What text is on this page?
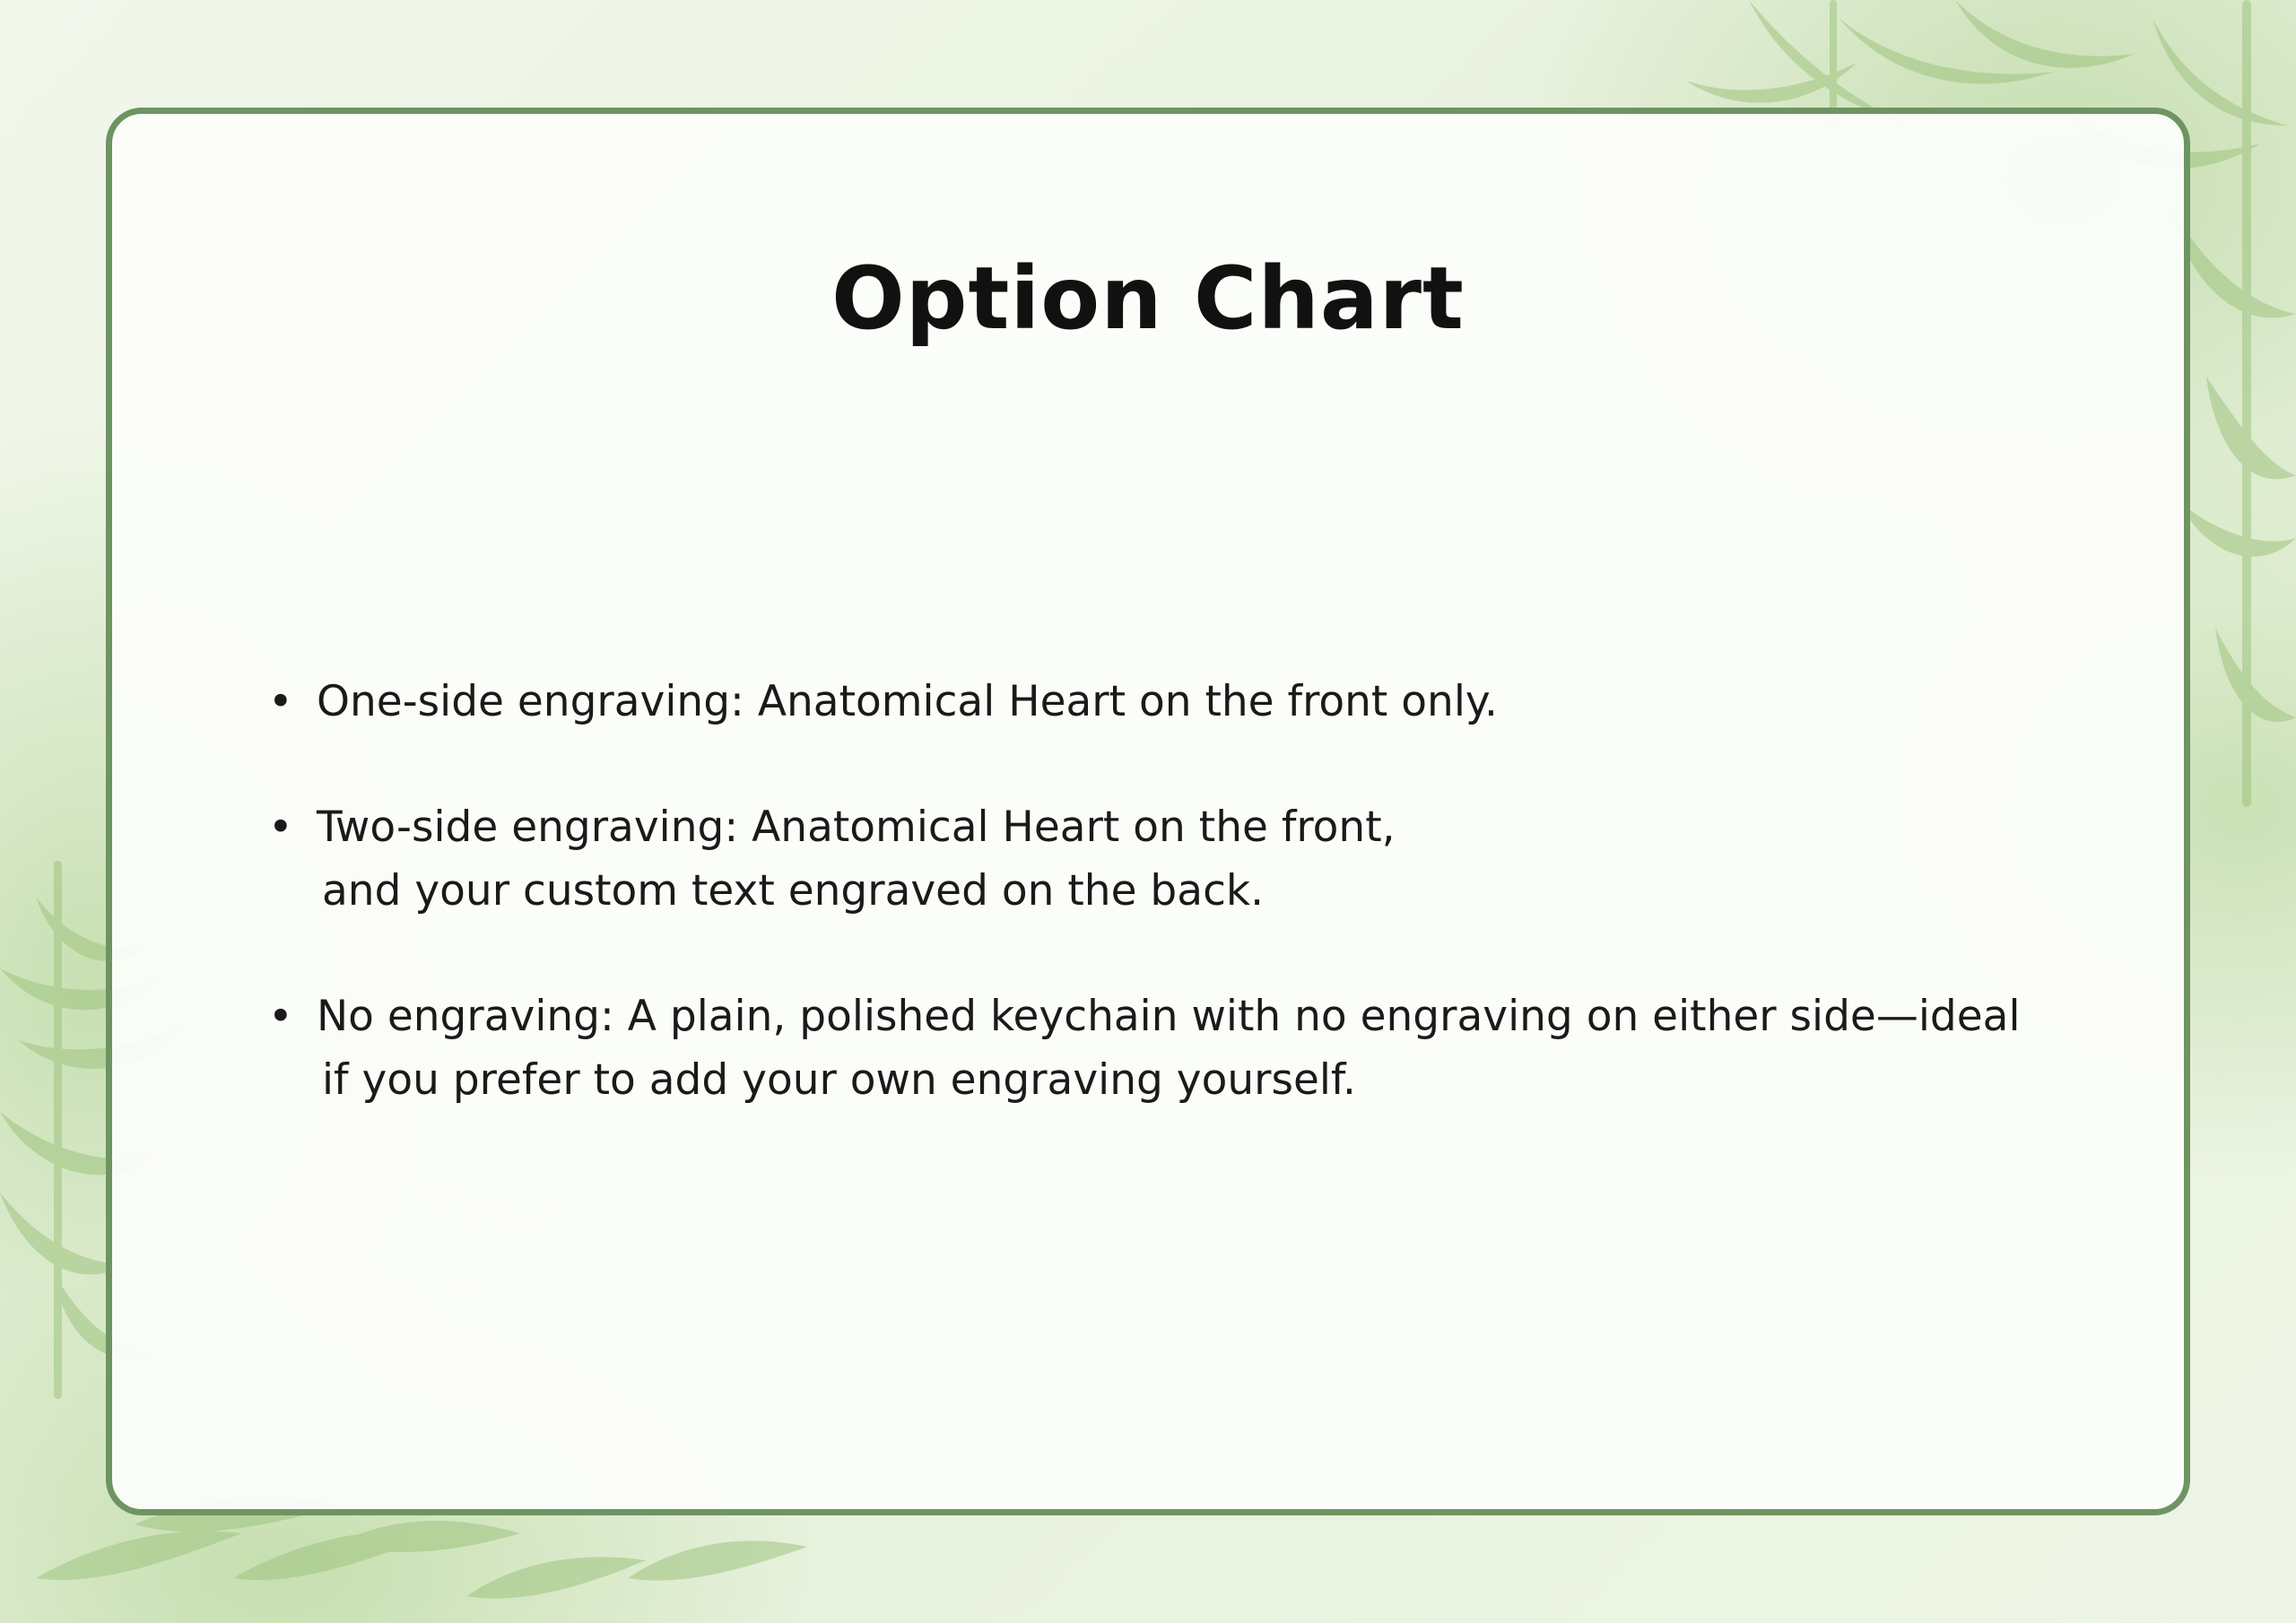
Option Chart
• One-side engraving: Anatomical Heart on the front only.
• Two-side engraving: Anatomical Heart on the front,
and your custom text engraved on the back.
• No engraving: A plain, polished keychain with no engraving on either side—ideal
if you prefer to add your own engraving yourself.
